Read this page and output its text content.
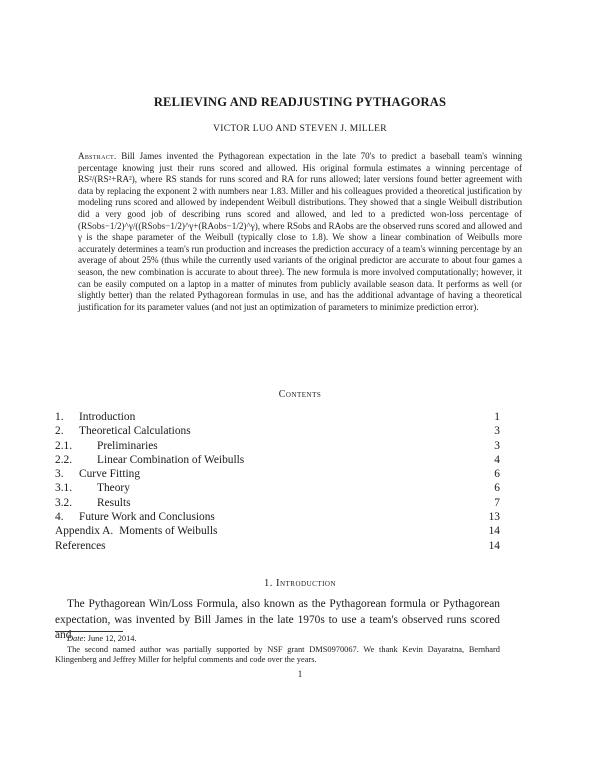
RELIEVING AND READJUSTING PYTHAGORAS
VICTOR LUO AND STEVEN J. MILLER
Abstract. Bill James invented the Pythagorean expectation in the late 70's to predict a baseball team's winning percentage knowing just their runs scored and allowed. His original formula estimates a winning percentage of RS²/(RS²+RA²), where RS stands for runs scored and RA for runs allowed; later versions found better agreement with data by replacing the exponent 2 with numbers near 1.83. Miller and his colleagues provided a theoretical justification by modeling runs scored and allowed by independent Weibull distributions. They showed that a single Weibull distribution did a very good job of describing runs scored and allowed, and led to a predicted won-loss percentage of (RSobs−1/2)^γ/((RSobs−1/2)^γ+(RAobs−1/2)^γ), where RSobs and RAobs are the observed runs scored and allowed and γ is the shape parameter of the Weibull (typically close to 1.8). We show a linear combination of Weibulls more accurately determines a team's run production and increases the prediction accuracy of a team's winning percentage by an average of about 25% (thus while the currently used variants of the original predictor are accurate to about four games a season, the new combination is accurate to about three). The new formula is more involved computationally; however, it can be easily computed on a laptop in a matter of minutes from publicly available season data. It performs as well (or slightly better) than the related Pythagorean formulas in use, and has the additional advantage of having a theoretical justification for its parameter values (and not just an optimization of parameters to minimize prediction error).
Contents
1. Introduction	1
2. Theoretical Calculations	3
2.1. Preliminaries	3
2.2. Linear Combination of Weibulls	4
3. Curve Fitting	6
3.1. Theory	6
3.2. Results	7
4. Future Work and Conclusions	13
Appendix A. Moments of Weibulls	14
References	14
1. Introduction
The Pythagorean Win/Loss Formula, also known as the Pythagorean formula or Pythagorean expectation, was invented by Bill James in the late 1970s to use a team's observed runs scored and

Date: June 12, 2014.

The second named author was partially supported by NSF grant DMS0970067. We thank Kevin Dayaratna, Bernhard Klingenberg and Jeffrey Miller for helpful comments and code over the years.

1
